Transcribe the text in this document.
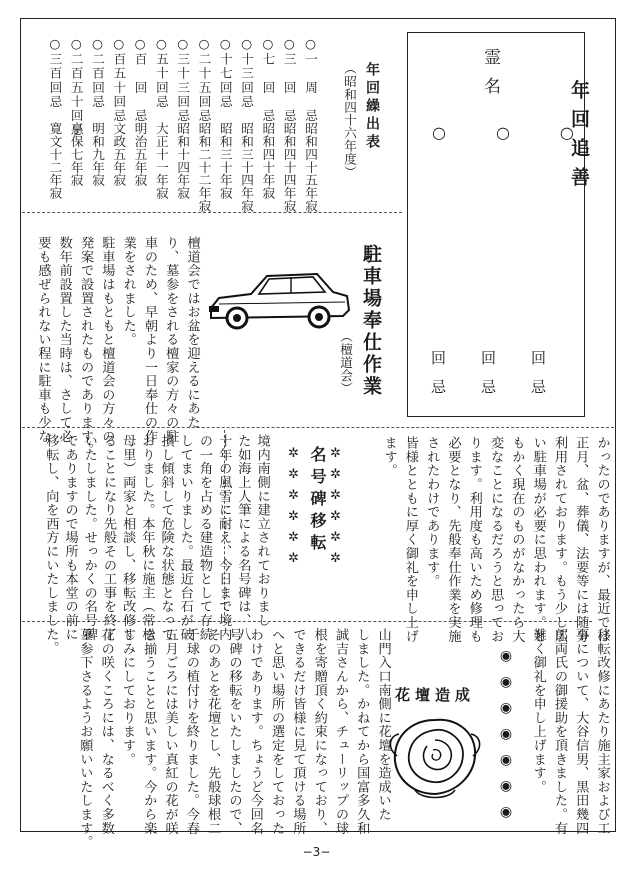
年回追善
霊名
○　　○　　○
回忌
回忌
回忌
年回繰出表
（昭和四十六年度）
○一　周　忌
昭和四十五年寂
○三　回　忌
昭和四十四年寂
○七　回　忌
昭和四十年寂
○十三回忌
昭和三十四年寂
○十七回忌
昭和三十年寂
○二十五回忌
昭和二十二年寂
○三十三回忌
昭和十四年寂
○五十回忌
大正十一年寂
○百　回　忌
明治五年寂
○百五十回忌
文政五年寂
○二百回忌
明和九年寂
○二百五十回忌
享保七年寂
○三百回忌
寛文十二年寂
駐車場奉仕作業
（檀道会）
檀道会ではお盆を迎えるにあた
り、墓参をされる檀家の方々の駐
車のため、早朝より一日奉仕の作
業をされました。
駐車場はもともと檀道会の方々の
発案で設置されたものであります。
数年前設置した当時は、さして必
要も感ぜられない程に駐車も少な
かったのでありますが、最近では
正月、盆、葬儀、法要等には随分
利用されております。もう少し広
い駐車場が必要に思われます。と
もかく現在のものがなかったら大
変なことになるだろうと思ってお
ります。利用度も高いため修理も
必要となり、先般奉仕作業を実施
されたわけであります。
皆様とともに厚く御礼を申し上げ
ます。
✲✲✲✲✲✲
名号碑移転
✲✲✲✲✲✲
境内南側に建立されておりまし
た如海上人筆による名号碑は、八
十年の風雪に耐え、今日まで境内
の一角を占める建造物として存続
してまいりました。最近台石が破
損し傾斜して危険な状態となって
おりました。本年秋に施主（常松
母里）両家と相談し、移転改修す
ることになり先般その工事を終了
いたしました。せっかくの名号碑
でありますので場所も本堂の前に
移転し、向を西方にいたしました。
移転改修にあたり施主家および工
事について、大谷信男、黒田幾四
郎両氏の御援助を頂きました。有
難く御礼を申し上げます。
山門入口南側に花壇を造成いた
しました。かねてから国富多久和
誠吉さんから、チューリップの球
根を寄贈頂く約束になっており、
できるだけ皆様に見て頂ける場所
へと思い場所の選定をしておった
わけであります。ちょうど今回名
号碑の移転をいたしましたので、
そのあとを花壇とし、先般球根二
千球の植付けを終りました。今春
五月ごろには美しい真紅の花が咲
き揃うことと思います。今から楽
しみにしております。
花の咲くころには、なるべく多数
墓参下さるようお願いいたします。	◉◉◉◉◉◉◉
花壇造成
−3−
